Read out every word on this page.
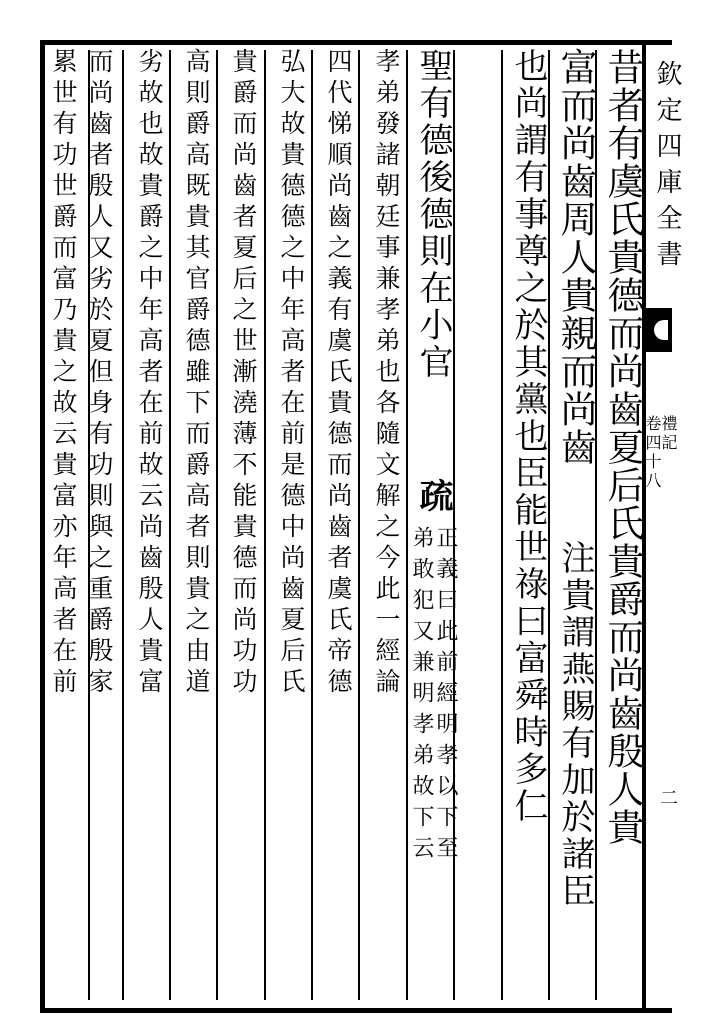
欽定四庫全書
禮記
卷四十八
二
昔者有虞氏貴德而尚齒夏后氏貴爵而尚齒殷人貴
富而尚齒周人貴親而尚齒
注貴謂燕賜有加於諸臣
也尚謂有事尊之於其黨也臣能世祿曰富舜時多仁
聖有德後德則在小官
疏
正義曰此前經明孝以下至
弟敢犯又兼明孝弟故下云
孝弟發諸朝廷事兼孝弟也各隨文解之今此一經論
四代悌順尚齒之義有虞氏貴德而尚齒者虞氏帝德
弘大故貴德德之中年高者在前是德中尚齒夏后氏
貴爵而尚齒者夏后之世漸澆薄不能貴德而尚功功
高則爵高既貴其官爵德雖下而爵高者則貴之由道
劣故也故貴爵之中年高者在前故云尚齒殷人貴富
而尚齒者殷人又劣於夏但身有功則與之重爵殷家
累世有功世爵而富乃貴之故云貴富亦年高者在前
